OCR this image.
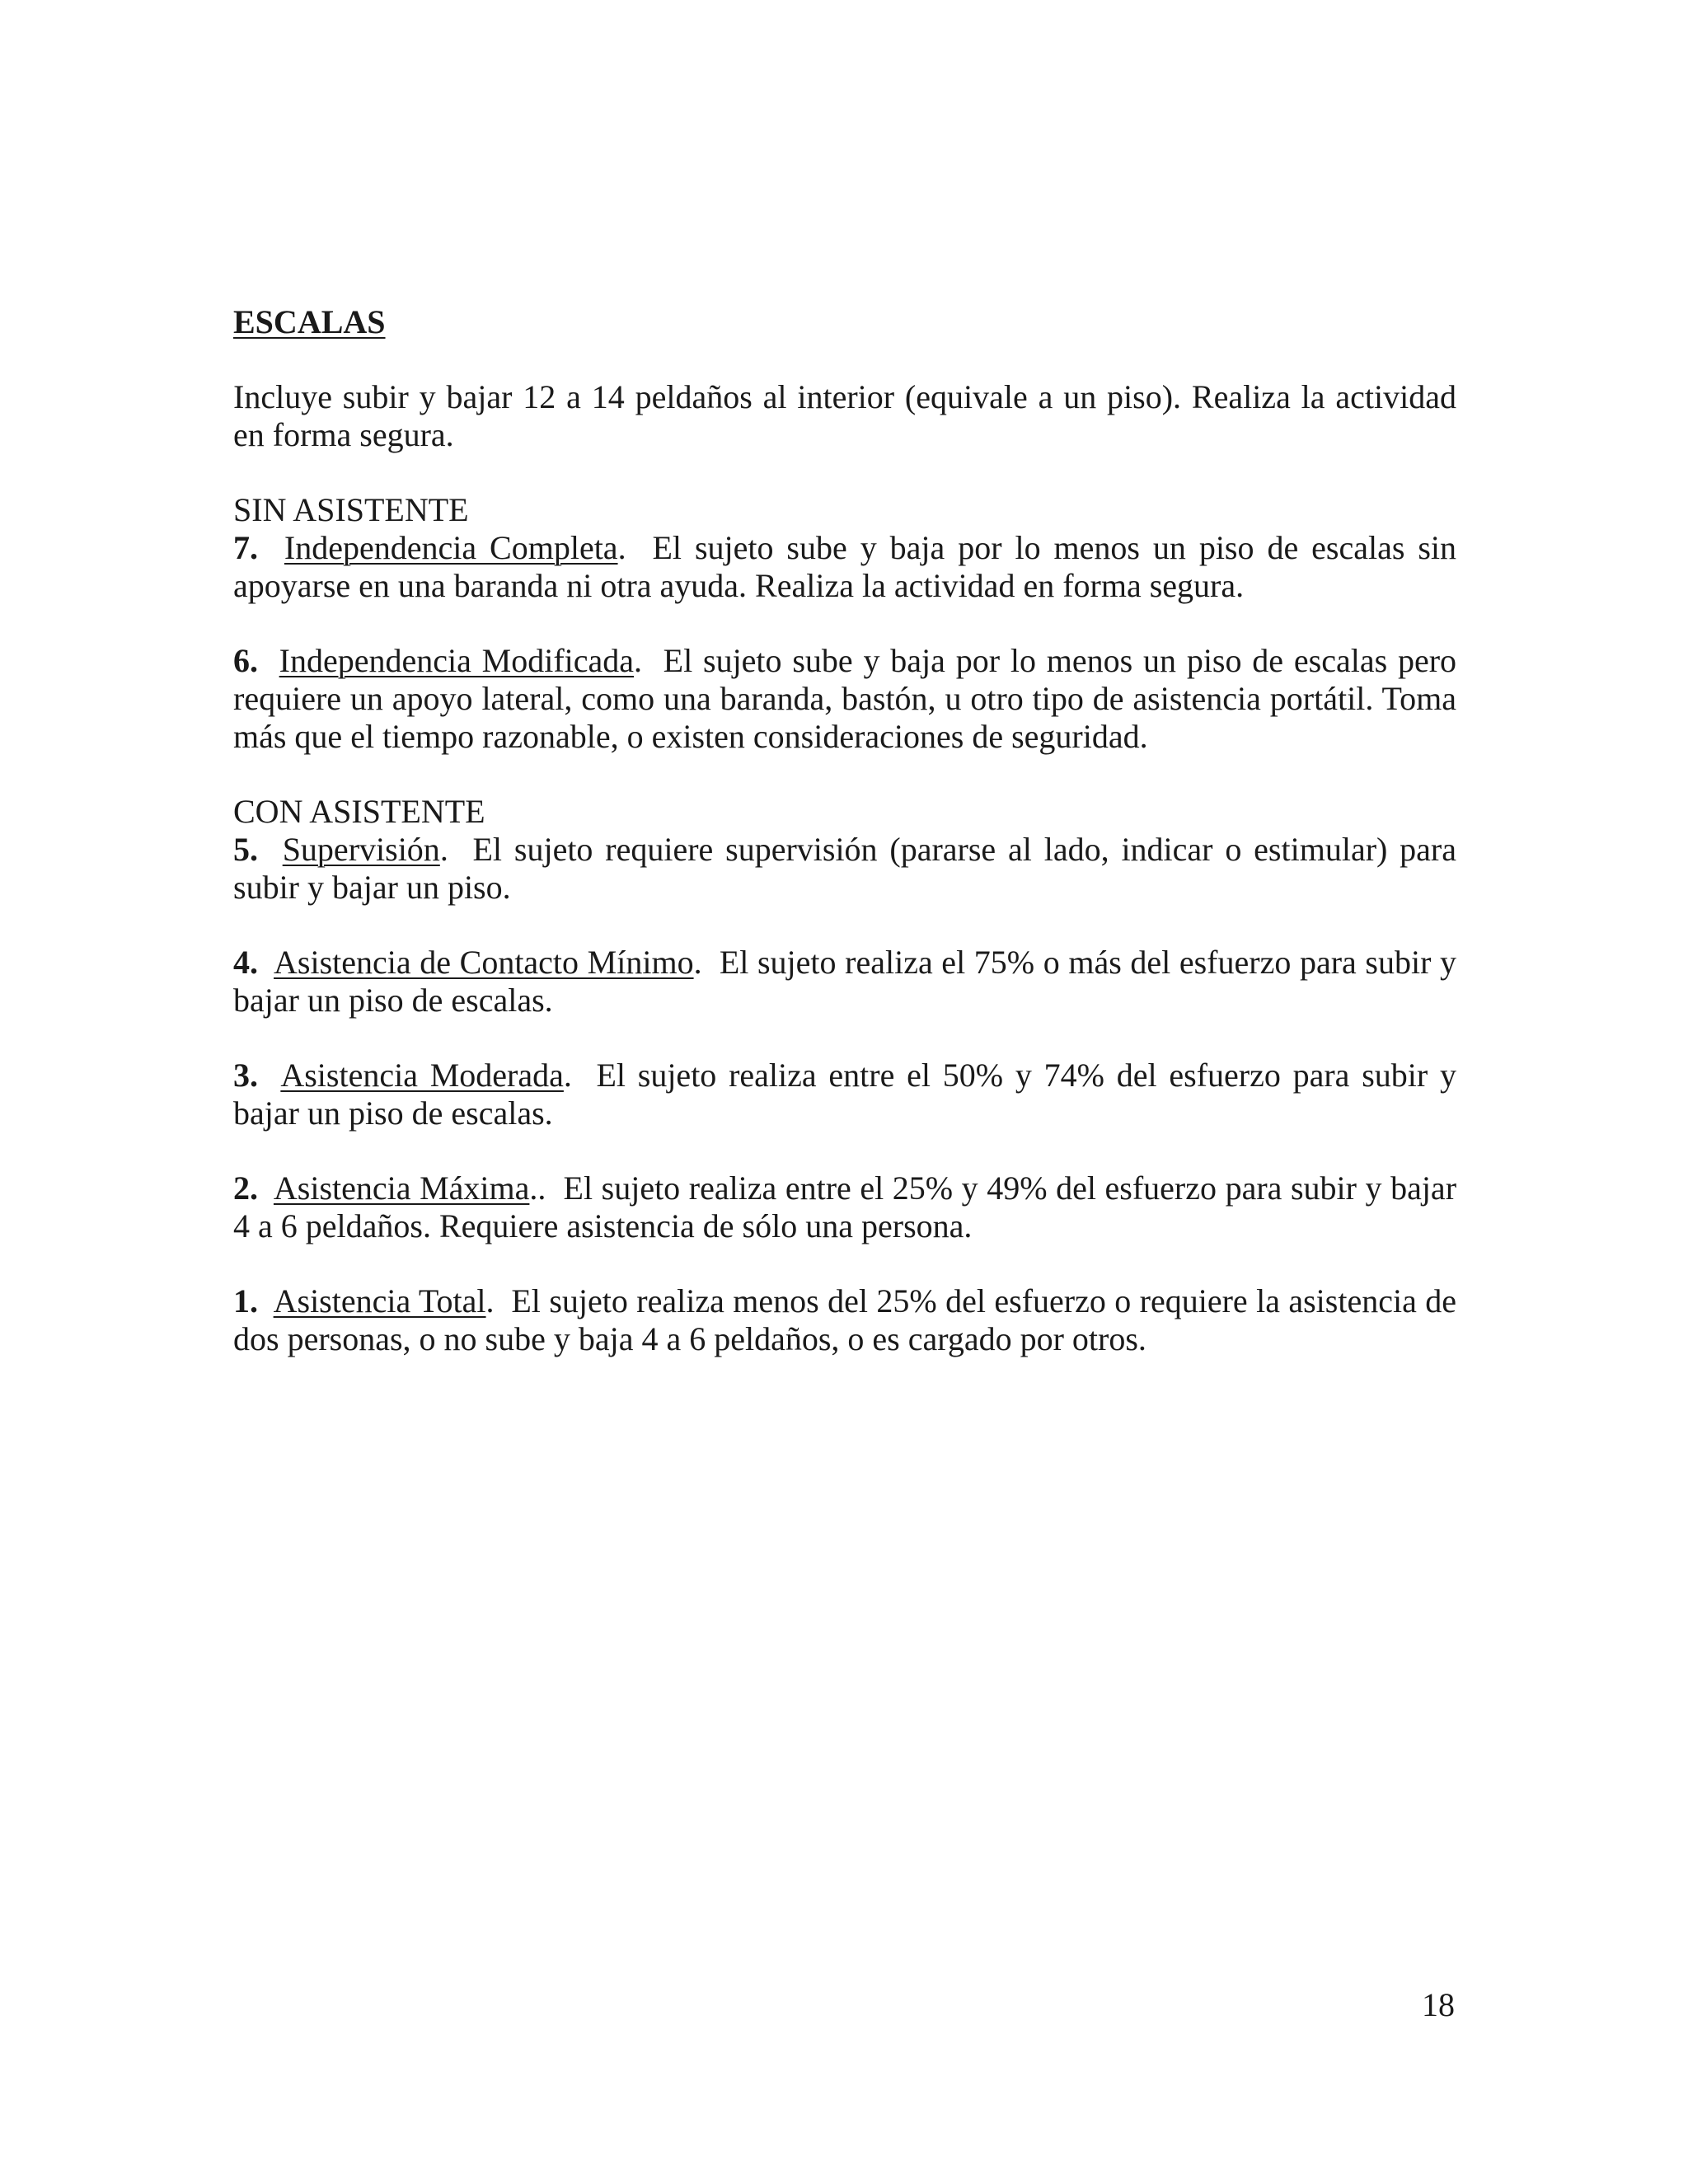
ESCALAS

Incluye subir y bajar 12 a 14 peldaños al interior (equivale a un piso). Realiza la actividad en forma segura.

SIN ASISTENTE

7. Independencia Completa. El sujeto sube y baja por lo menos un piso de escalas sin apoyarse en una baranda ni otra ayuda. Realiza la actividad en forma segura.

6. Independencia Modificada. El sujeto sube y baja por lo menos un piso de escalas pero requiere un apoyo lateral, como una baranda, bastón, u otro tipo de asistencia portátil. Toma más que el tiempo razonable, o existen consideraciones de seguridad.

CON ASISTENTE

5. Supervisión. El sujeto requiere supervisión (pararse al lado, indicar o estimular) para subir y bajar un piso.

4. Asistencia de Contacto Mínimo. El sujeto realiza el 75% o más del esfuerzo para subir y bajar un piso de escalas.

3. Asistencia Moderada. El sujeto realiza entre el 50% y 74% del esfuerzo para subir y bajar un piso de escalas.

2. Asistencia Máxima.. El sujeto realiza entre el 25% y 49% del esfuerzo para subir y bajar 4 a 6 peldaños. Requiere asistencia de sólo una persona.

1. Asistencia Total. El sujeto realiza menos del 25% del esfuerzo o requiere la asistencia de dos personas, o no sube y baja 4 a 6 peldaños, o es cargado por otros.

18
